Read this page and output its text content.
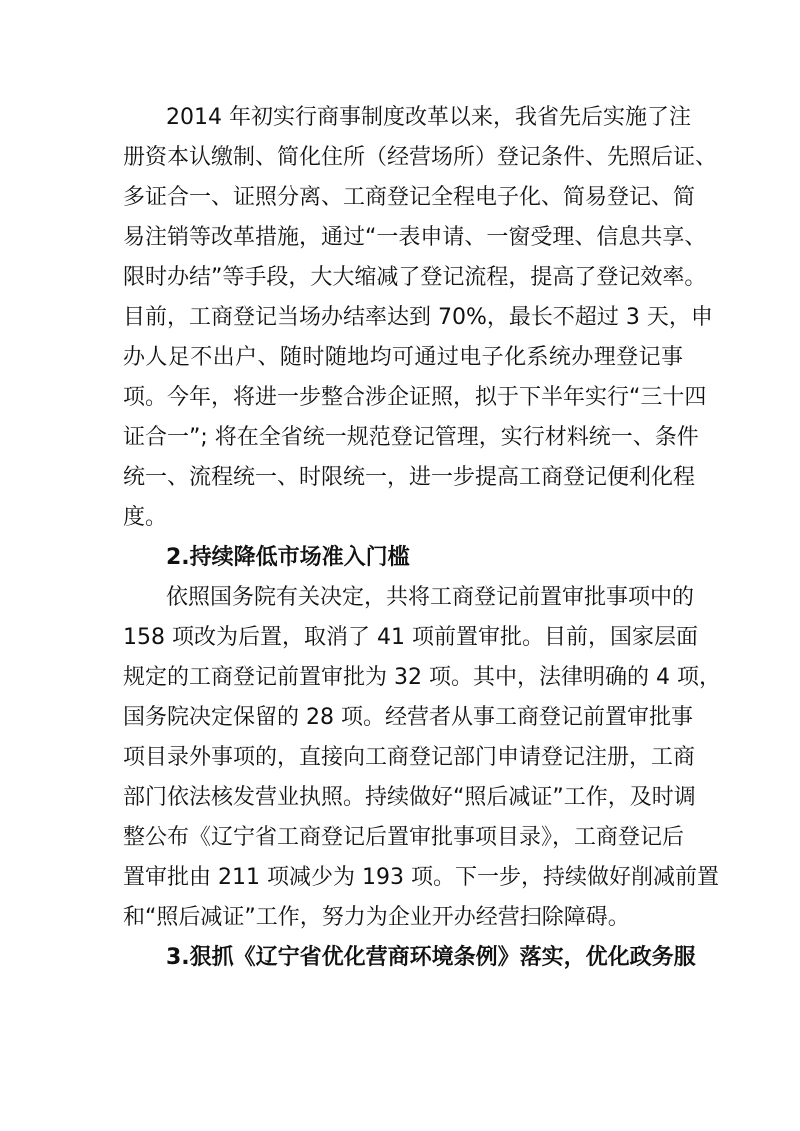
2014 年初实行商事制度改革以来，我省先后实施了注
册资本认缴制、简化住所（经营场所）登记条件、先照后证、
多证合一、证照分离、工商登记全程电子化、简易登记、简
易注销等改革措施，通过“一表申请、一窗受理、信息共享、
限时办结”等手段，大大缩减了登记流程，提高了登记效率。
目前，工商登记当场办结率达到 70%，最长不超过 3 天，申
办人足不出户、随时随地均可通过电子化系统办理登记事
项。今年，将进一步整合涉企证照，拟于下半年实行“三十四
证合一”; 将在全省统一规范登记管理，实行材料统一、条件
统一、流程统一、时限统一，进一步提高工商登记便利化程
度。
2.持续降低市场准入门槛
依照国务院有关决定，共将工商登记前置审批事项中的
158 项改为后置，取消了 41 项前置审批。目前，国家层面
规定的工商登记前置审批为 32 项。其中，法律明确的 4 项，
国务院决定保留的 28 项。经营者从事工商登记前置审批事
项目录外事项的，直接向工商登记部门申请登记注册，工商
部门依法核发营业执照。持续做好“照后减证”工作，及时调
整公布《辽宁省工商登记后置审批事项目录》，工商登记后
置审批由 211 项减少为 193 项。下一步，持续做好削减前置
和“照后减证”工作，努力为企业开办经营扫除障碍。
3.狠抓《辽宁省优化营商环境条例》落实，优化政务服
